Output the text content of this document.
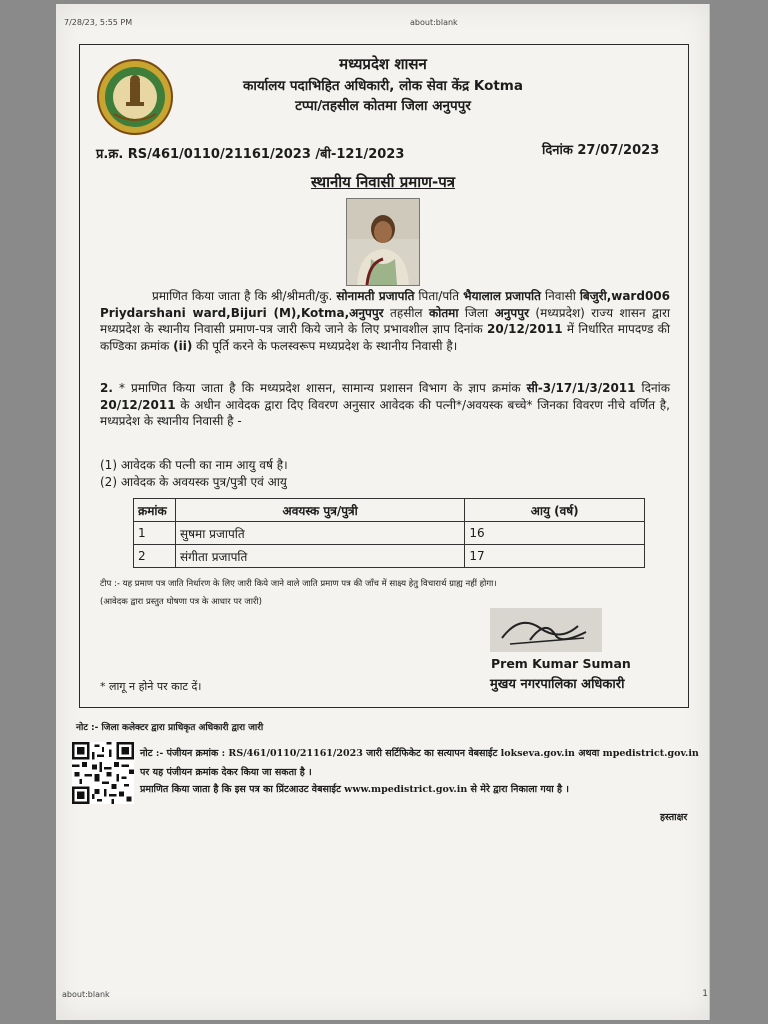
7/28/23, 5:55 PM	about:blank
मध्यप्रदेश शासन
कार्यालय पदाभिहित अधिकारी, लोक सेवा केंद्र Kotma
टप्पा/तहसील कोतमा जिला अनुपपुर
प्र.क्र. RS/461/0110/21161/2023 /बी-121/2023	दिनांक 27/07/2023
स्थानीय निवासी प्रमाण-पत्र
प्रमाणित किया जाता है कि श्री/श्रीमती/कु. सोनामती प्रजापति पिता/पति भैयालाल प्रजापति निवासी बिजुरी,ward006 Priydarshani ward,Bijuri (M),Kotma,अनुपपुर तहसील कोतमा जिला अनुपपुर (मध्यप्रदेश) राज्य शासन द्वारा मध्यप्रदेश के स्थानीय निवासी प्रमाण-पत्र जारी किये जाने के लिए प्रभावशील ज्ञाप दिनांक 20/12/2011 में निर्धारित मापदण्ड की कण्डिका क्रमांक (ii) की पूर्ति करने के फलस्वरूप मध्यप्रदेश के स्थानीय निवासी है।
2. * प्रमाणित किया जाता है कि मध्यप्रदेश शासन, सामान्य प्रशासन विभाग के ज्ञाप क्रमांक सी-3/17/1/3/2011 दिनांक 20/12/2011 के अधीन आवेदक द्वारा दिए विवरण अनुसार आवेदक की पत्नी*/अवयस्क बच्चे* जिनका विवरण नीचे वर्णित है, मध्यप्रदेश के स्थानीय निवासी है -
(1) आवेदक की पत्नी का नाम आयु वर्ष है।
(2) आवेदक के अवयस्क पुत्र/पुत्री एवं आयु
क्रमांक	अवयस्क पुत्र/पुत्री	आयु (वर्ष)
1	सुषमा प्रजापति	16
2	संगीता प्रजापति	17
टीप :- यह प्रमाण पत्र जाति निर्धारण के लिए जारी किये जाने वाले जाति प्रमाण पत्र की जाँच में साक्ष्य हेतु विचारार्थ ग्राह्य नहीं होगा।
(आवेदक द्वारा प्रस्तुत घोषणा पत्र के आधार पर जारी)
Prem Kumar Suman
मुखय नगरपालिका अधिकारी
* लागू न होने पर काट दें।
नोट :- जिला कलेक्टर द्वारा प्राधिकृत अधिकारी द्वारा जारी
नोट :- पंजीयन क्रमांक : RS/461/0110/21161/2023 जारी सर्टिफिकेट का सत्यापन वेबसाईट lokseva.gov.in अथवा mpedistrict.gov.in पर यह पंजीयन क्रमांक देकर किया जा सकता है ।
प्रमाणित किया जाता है कि इस पत्र का प्रिंटआउट वेबसाईट www.mpedistrict.gov.in से मेरे द्वारा निकाला गया है ।
हस्ताक्षर
about:blank	1
